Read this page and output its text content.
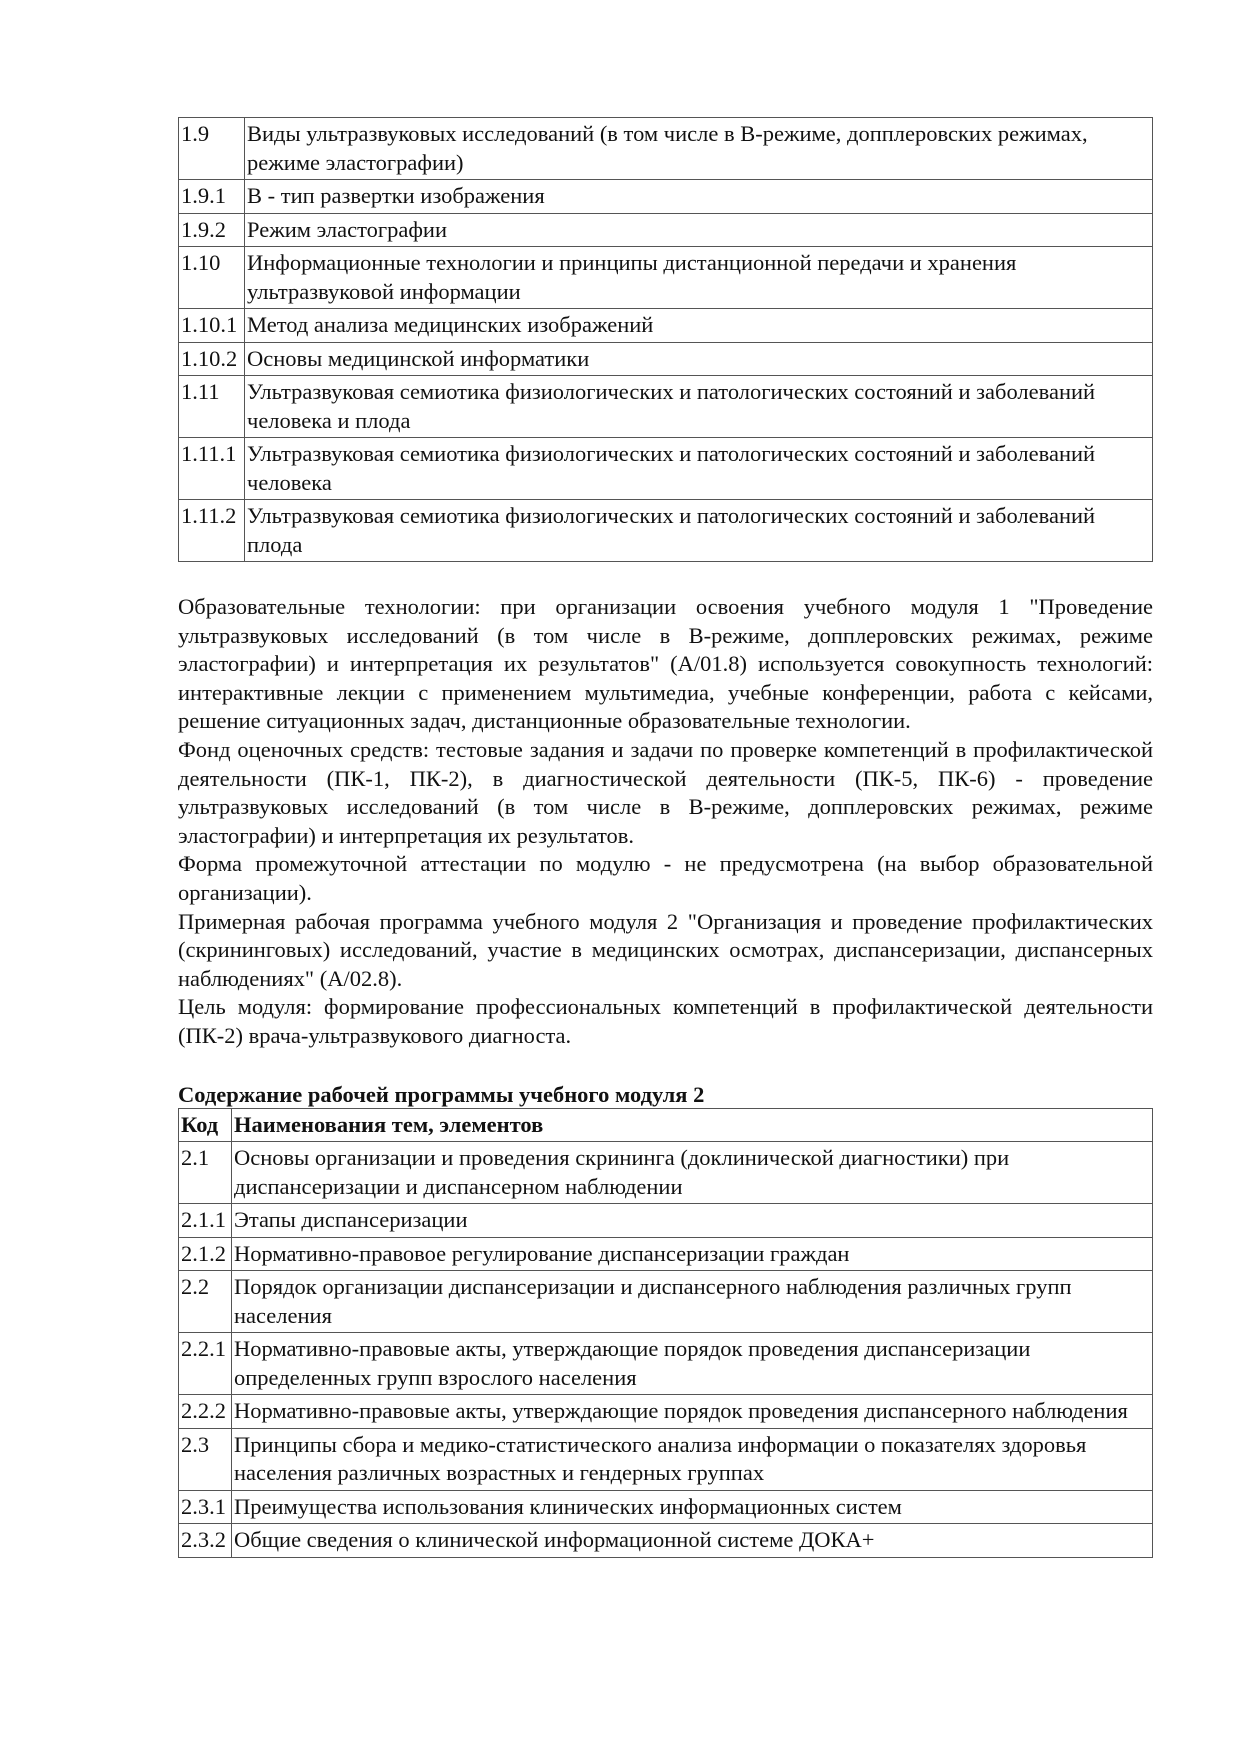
1.9	Виды ультразвуковых исследований (в том числе в В-режиме, допплеровских режимах, режиме эластографии)
1.9.1	В - тип развертки изображения
1.9.2	Режим эластографии
1.10	Информационные технологии и принципы дистанционной передачи и хранения ультразвуковой информации
1.10.1	Метод анализа медицинских изображений
1.10.2	Основы медицинской информатики
1.11	Ультразвуковая семиотика физиологических и патологических состояний и заболеваний человека и плода
1.11.1	Ультразвуковая семиотика физиологических и патологических состояний и заболеваний человека
1.11.2	Ультразвуковая семиотика физиологических и патологических состояний и заболеваний плода

Образовательные технологии: при организации освоения учебного модуля 1 "Проведение ультразвуковых исследований (в том числе в В-режиме, допплеровских режимах, режиме эластографии) и интерпретация их результатов" (А/01.8) используется совокупность технологий: интерактивные лекции с применением мультимедиа, учебные конференции, работа с кейсами, решение ситуационных задач, дистанционные образовательные технологии.

Фонд оценочных средств: тестовые задания и задачи по проверке компетенций в профилактической деятельности (ПК-1, ПК-2), в диагностической деятельности (ПК-5, ПК-6) - проведение ультразвуковых исследований (в том числе в В-режиме, допплеровских режимах, режиме эластографии) и интерпретация их результатов.

Форма промежуточной аттестации по модулю - не предусмотрена (на выбор образовательной организации).

Примерная рабочая программа учебного модуля 2 "Организация и проведение профилактических (скрининговых) исследований, участие в медицинских осмотрах, диспансеризации, диспансерных наблюдениях" (А/02.8).

Цель модуля: формирование профессиональных компетенций в профилактической деятельности (ПК-2) врача-ультразвукового диагноста.

Содержание рабочей программы учебного модуля 2
Код	Наименования тем, элементов
2.1	Основы организации и проведения скрининга (доклинической диагностики) при диспансеризации и диспансерном наблюдении
2.1.1	Этапы диспансеризации
2.1.2	Нормативно-правовое регулирование диспансеризации граждан
2.2	Порядок организации диспансеризации и диспансерного наблюдения различных групп населения
2.2.1	Нормативно-правовые акты, утверждающие порядок проведения диспансеризации определенных групп взрослого населения
2.2.2	Нормативно-правовые акты, утверждающие порядок проведения диспансерного наблюдения
2.3	Принципы сбора и медико-статистического анализа информации о показателях здоровья населения различных возрастных и гендерных группах
2.3.1	Преимущества использования клинических информационных систем
2.3.2	Общие сведения о клинической информационной системе ДОКА+
